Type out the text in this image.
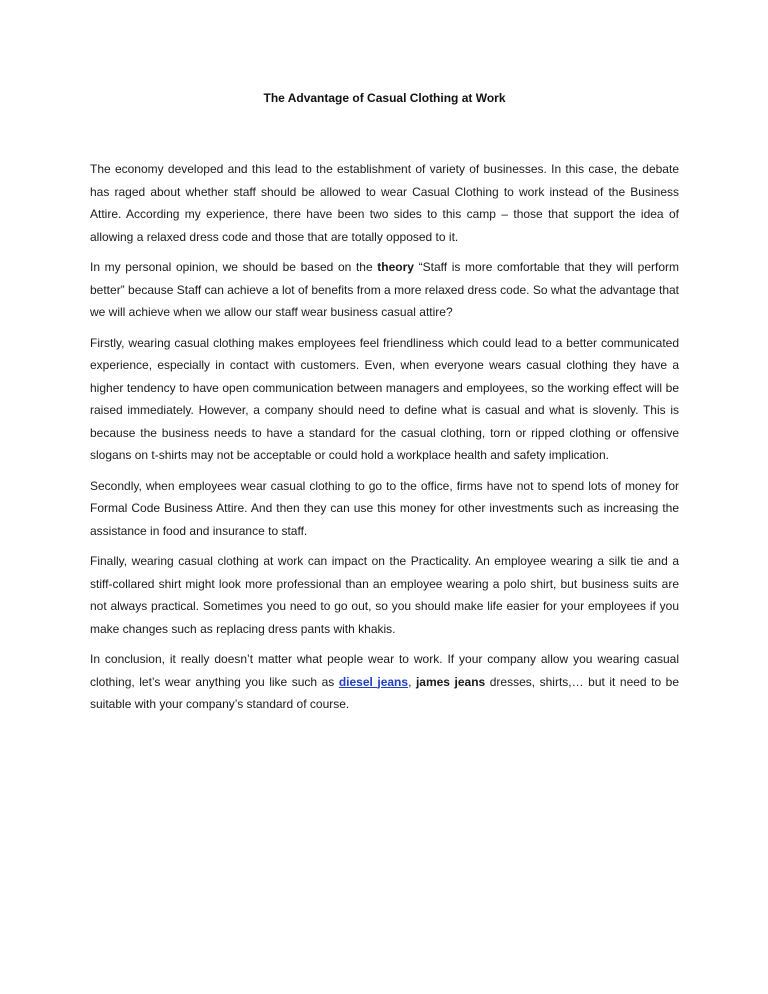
The Advantage of Casual Clothing at Work

The economy developed and this lead to the establishment of variety of businesses. In this case, the debate has raged about whether staff should be allowed to wear Casual Clothing to work instead of the Business Attire. According my experience, there have been two sides to this camp – those that support the idea of allowing a relaxed dress code and those that are totally opposed to it.

In my personal opinion, we should be based on the theory “Staff is more comfortable that they will perform better” because Staff can achieve a lot of benefits from a more relaxed dress code. So what the advantage that we will achieve when we allow our staff wear business casual attire?

Firstly, wearing casual clothing makes employees feel friendliness which could lead to a better communicated experience, especially in contact with customers. Even, when everyone wears casual clothing they have a higher tendency to have open communication between managers and employees, so the working effect will be raised immediately. However, a company should need to define what is casual and what is slovenly. This is because the business needs to have a standard for the casual clothing, torn or ripped clothing or offensive slogans on t-shirts may not be acceptable or could hold a workplace health and safety implication.

Secondly, when employees wear casual clothing to go to the office, firms have not to spend lots of money for Formal Code Business Attire. And then they can use this money for other investments such as increasing the assistance in food and insurance to staff.

Finally, wearing casual clothing at work can impact on the Practicality. An employee wearing a silk tie and a stiff-collared shirt might look more professional than an employee wearing a polo shirt, but business suits are not always practical. Sometimes you need to go out, so you should make life easier for your employees if you make changes such as replacing dress pants with khakis.

In conclusion, it really doesn’t matter what people wear to work. If your company allow you wearing casual clothing, let’s wear anything you like such as diesel jeans, james jeans dresses, shirts,… but it need to be suitable with your company’s standard of course.
